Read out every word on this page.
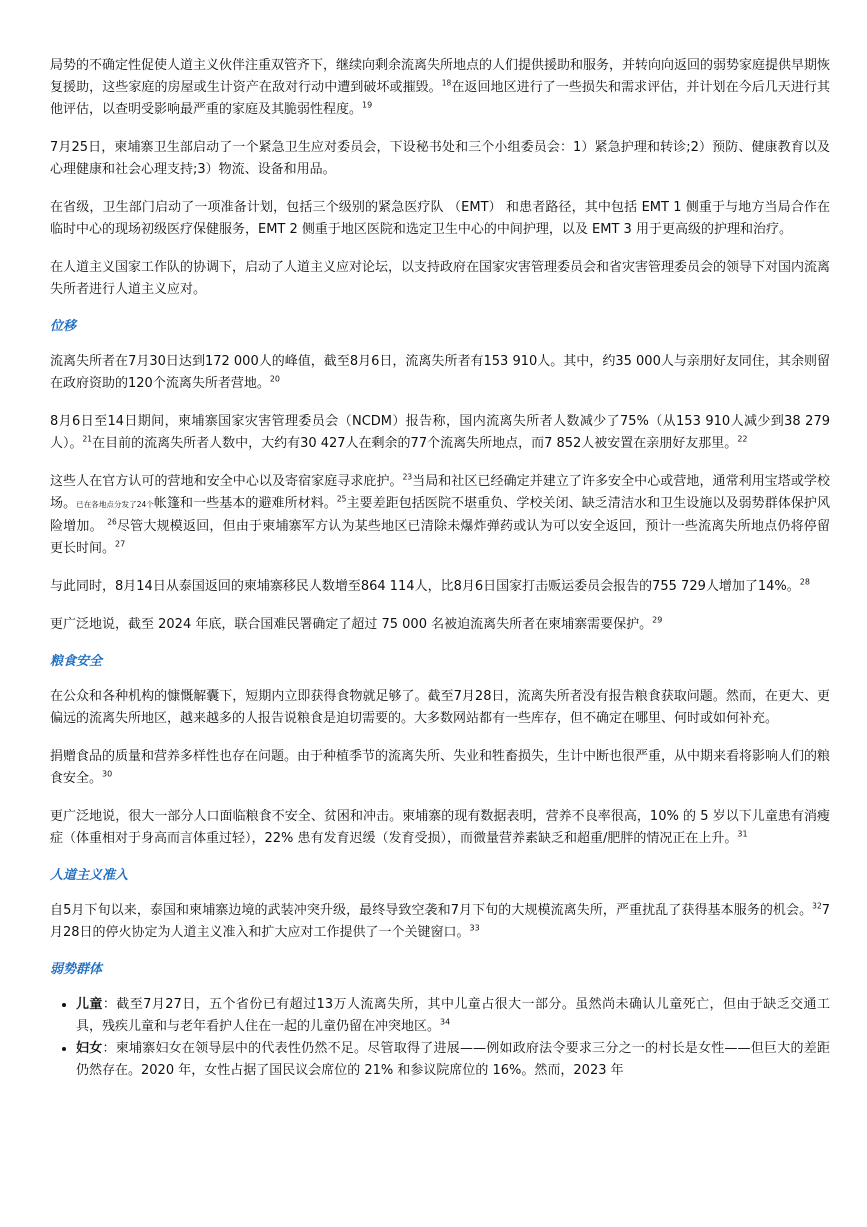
局势的不确定性促使人道主义伙伴注重双管齐下，继续向剩余流离失所地点的人们提供援助和服务，并转向向返回的弱势家庭提供早期恢复援助，这些家庭的房屋或生计资产在敌对行动中遭到破坏或摧毁。$^{18}$在返回地区进行了一些损失和需求评估，并计划在今后几天进行其他评估，以查明受影响最严重的家庭及其脆弱性程度。$^{19}$

7月25日，柬埔寨卫生部启动了一个紧急卫生应对委员会，下设秘书处和三个小组委员会：1）紧急护理和转诊;2）预防、健康教育以及心理健康和社会心理支持;3）物流、设备和用品。

在省级，卫生部门启动了一项准备计划，包括三个级别的紧急医疗队 （EMT） 和患者路径，其中包括 EMT 1 侧重于与地方当局合作在临时中心的现场初级医疗保健服务，EMT 2 侧重于地区医院和选定卫生中心的中间护理，以及 EMT 3 用于更高级的护理和治疗。

在人道主义国家工作队的协调下，启动了人道主义应对论坛，以支持政府在国家灾害管理委员会和省灾害管理委员会的领导下对国内流离失所者进行人道主义应对。

位移

流离失所者在7月30日达到172 000人的峰值，截至8月6日，流离失所者有153 910人。其中，约35 000人与亲朋好友同住，其余则留在政府资助的120个流离失所者营地。$^{20}$

8月6日至14日期间，柬埔寨国家灾害管理委员会（NCDM）报告称，国内流离失所者人数减少了75%（从153 910人减少到38 279人）。$^{21}$在目前的流离失所者人数中，大约有30 427人在剩余的77个流离失所地点，而7 852人被安置在亲朋好友那里。$^{22}$

这些人在官方认可的营地和安全中心以及寄宿家庭寻求庇护。$^{23}$当局和社区已经确定并建立了许多安全中心或营地，通常利用宝塔或学校场。已在各地点分发了24个帐篷和一些基本的避难所材料。$^{25}$主要差距包括医院不堪重负、学校关闭、缺乏清洁水和卫生设施以及弱势群体保护风险增加。 $^{26}$尽管大规模返回，但由于柬埔寨军方认为某些地区已清除未爆炸弹药或认为可以安全返回，预计一些流离失所地点仍将停留更长时间。$^{27}$

与此同时，8月14日从泰国返回的柬埔寨移民人数增至864 114人，比8月6日国家打击贩运委员会报告的755 729人增加了14%。$^{28}$

更广泛地说，截至 2024 年底，联合国难民署确定了超过 75 000 名被迫流离失所者在柬埔寨需要保护。$^{29}$

粮食安全

在公众和各种机构的慷慨解囊下，短期内立即获得食物就足够了。截至7月28日，流离失所者没有报告粮食获取问题。然而，在更大、更偏远的流离失所地区，越来越多的人报告说粮食是迫切需要的。大多数网站都有一些库存，但不确定在哪里、何时或如何补充。

捐赠食品的质量和营养多样性也存在问题。由于种植季节的流离失所、失业和牲畜损失，生计中断也很严重，从中期来看将影响人们的粮食安全。$^{30}$

更广泛地说，很大一部分人口面临粮食不安全、贫困和冲击。柬埔寨的现有数据表明，营养不良率很高，10% 的 5 岁以下儿童患有消瘦症（体重相对于身高而言体重过轻），22% 患有发育迟缓（发育受损），而微量营养素缺乏和超重/肥胖的情况正在上升。$^{31}$

人道主义准入

自5月下旬以来，泰国和柬埔寨边境的武装冲突升级，最终导致空袭和7月下旬的大规模流离失所，严重扰乱了获得基本服务的机会。$^{32}$7月28日的停火协定为人道主义准入和扩大应对工作提供了一个关键窗口。$^{33}$

弱势群体
• 儿童：截至7月27日，五个省份已有超过13万人流离失所，其中儿童占很大一部分。虽然尚未确认儿童死亡，但由于缺乏交通工具，残疾儿童和与老年看护人住在一起的儿童仍留在冲突地区。$^{34}$
• 妇女：柬埔寨妇女在领导层中的代表性仍然不足。尽管取得了进展——例如政府法令要求三分之一的村长是女性——但巨大的差距仍然存在。2020 年，女性占据了国民议会席位的 21% 和参议院席位的 16%。然而，2023 年
